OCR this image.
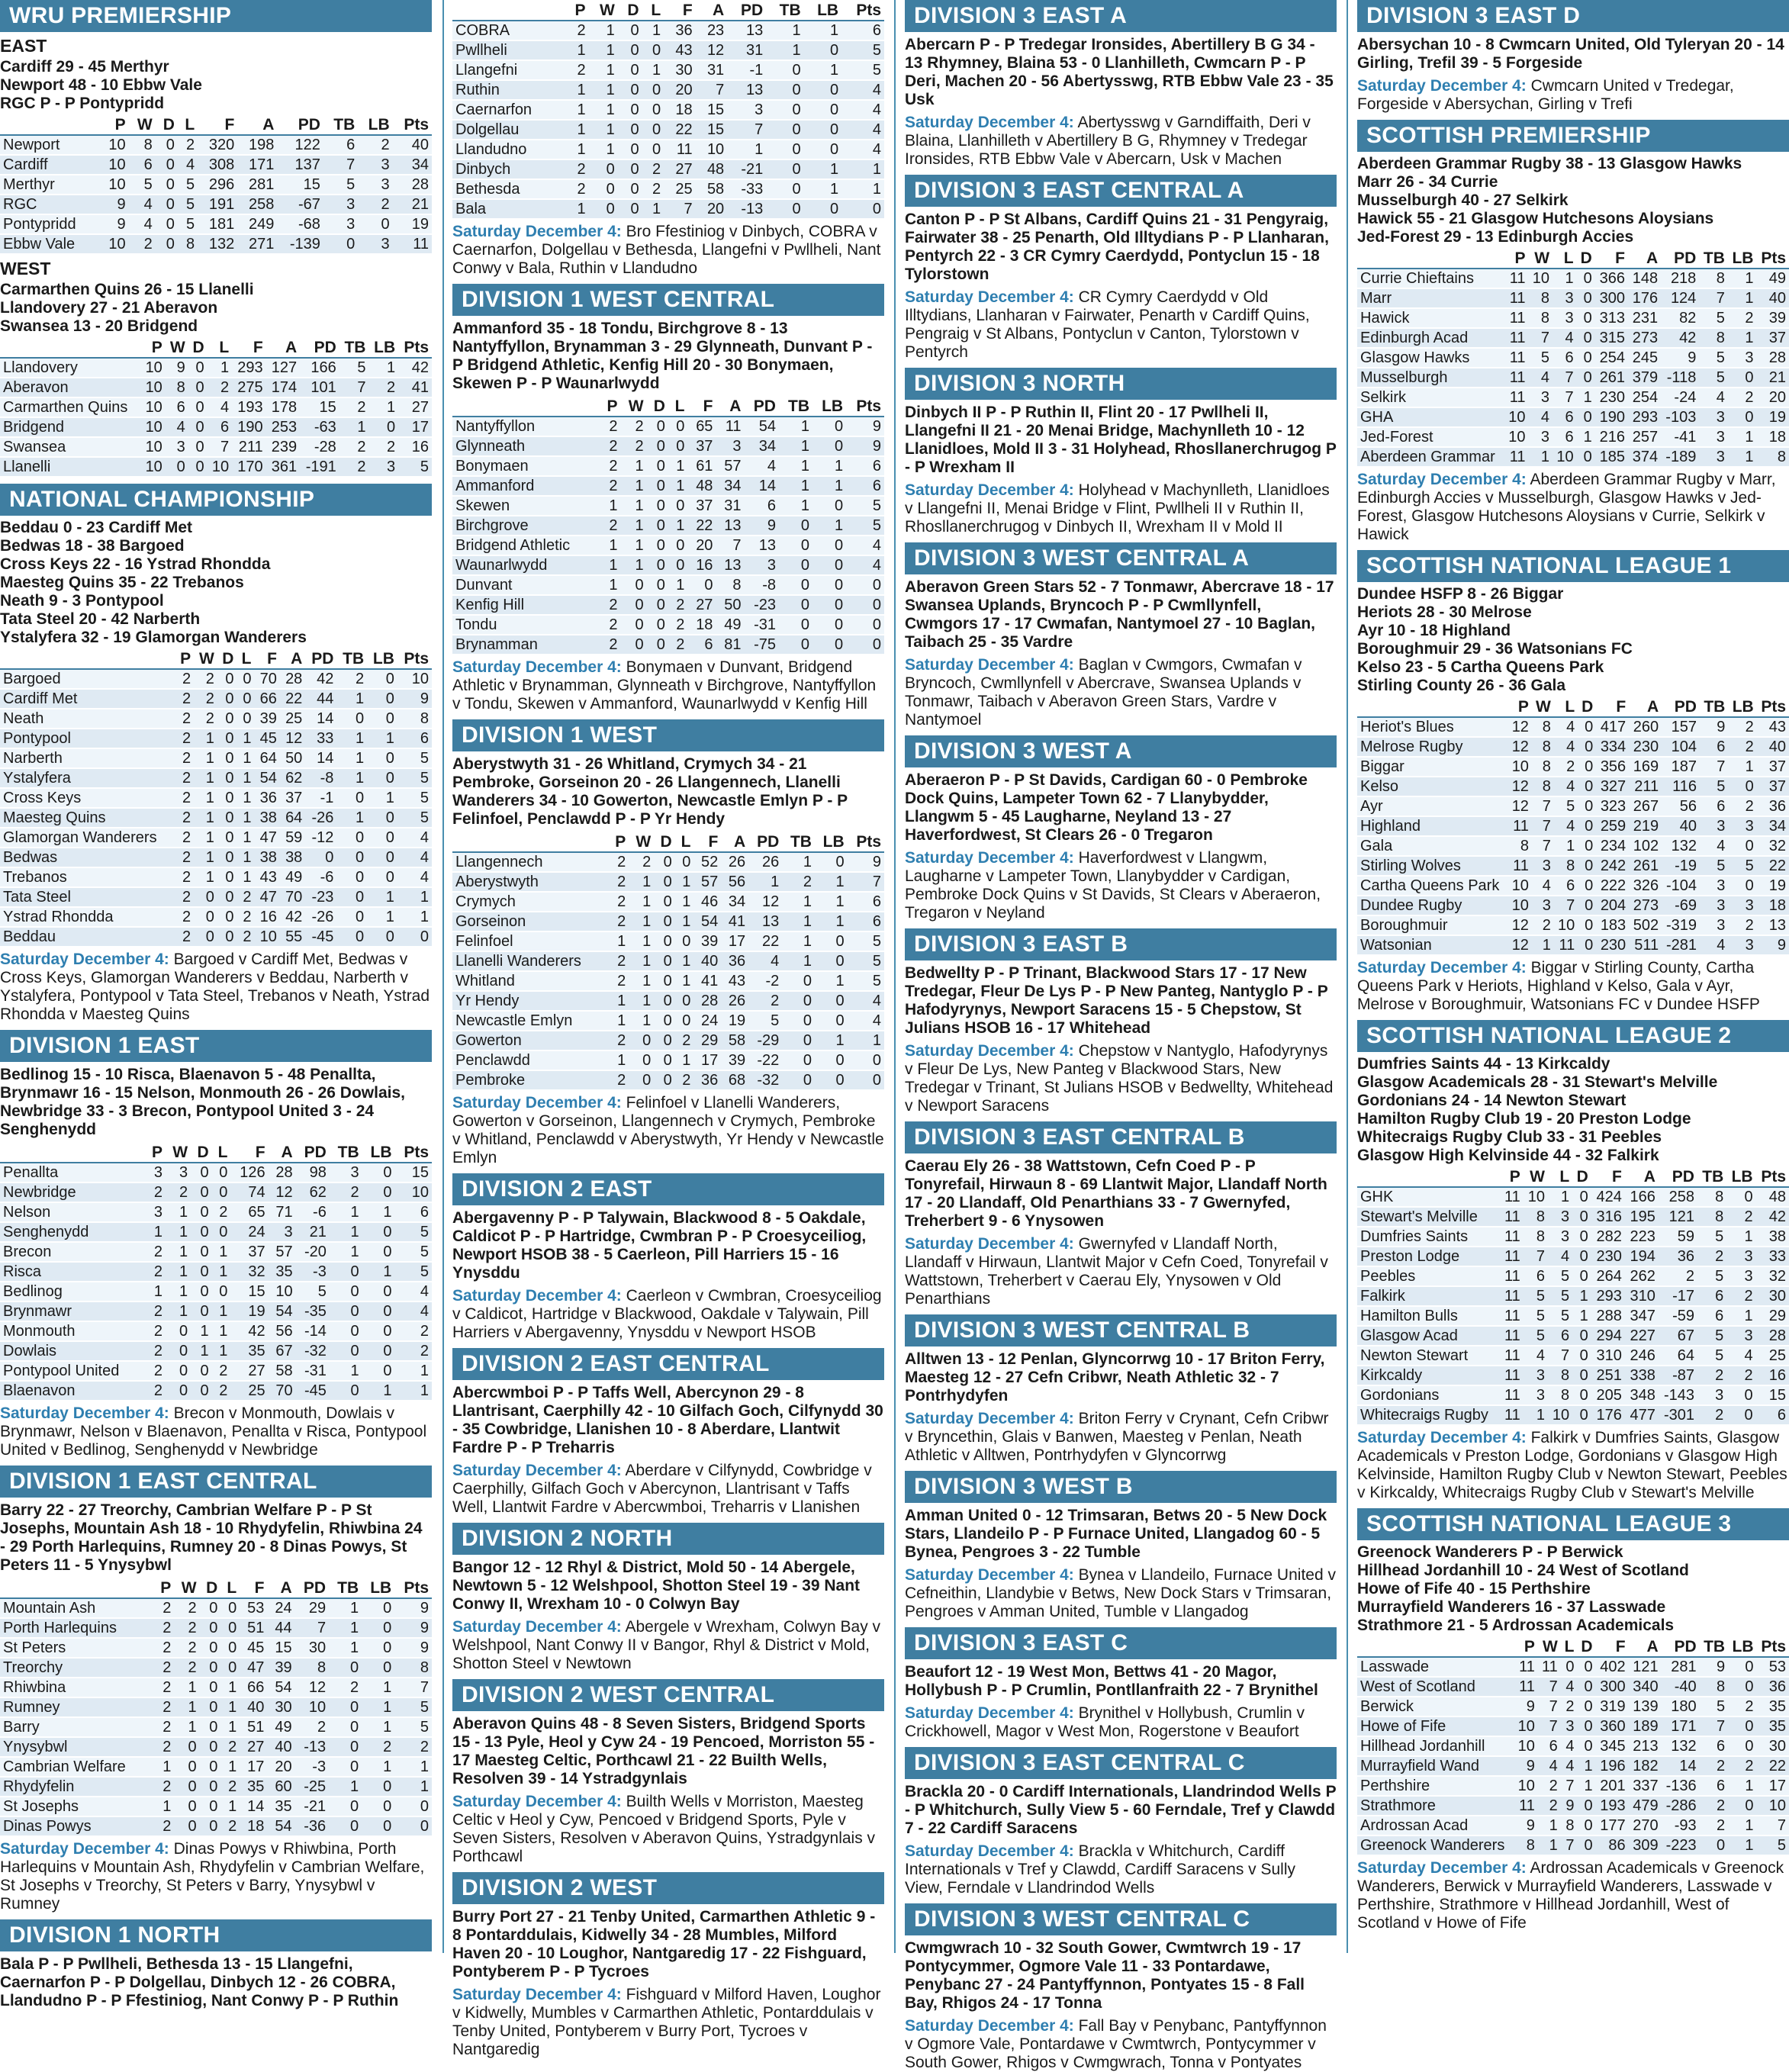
WRU PREMIERSHIP
EAST
Cardiff 29 - 45 Merthyr
Newport 48 - 10 Ebbw Vale
RGC P - P Pontypridd
	P	W	D	L	F	A	PD	TB	LB	Pts
Newport	10	8	0	2	320	198	122	6	2	40
Cardiff	10	6	0	4	308	171	137	7	3	34
Merthyr	10	5	0	5	296	281	15	5	3	28
RGC	9	4	0	5	191	258	-67	3	2	21
Pontypridd	9	4	0	5	181	249	-68	3	0	19
Ebbw Vale	10	2	0	8	132	271	-139	0	3	11
WEST
Carmarthen Quins 26 - 15 Llanelli
Llandovery 27 - 21 Aberavon
Swansea 13 - 20 Bridgend
	P	W	D	L	F	A	PD	TB	LB	Pts
Llandovery	10	9	0	1	293	127	166	5	1	42
Aberavon	10	8	0	2	275	174	101	7	2	41
Carmarthen Quins	10	6	0	4	193	178	15	2	1	27
Bridgend	10	4	0	6	190	253	-63	1	0	17
Swansea	10	3	0	7	211	239	-28	2	2	16
Llanelli	10	0	0	10	170	361	-191	2	3	5
NATIONAL CHAMPIONSHIP
Beddau 0 - 23 Cardiff Met
Bedwas 18 - 38 Bargoed
Cross Keys 22 - 16 Ystrad Rhondda
Maesteg Quins 35 - 22 Trebanos
Neath 9 - 3 Pontypool
Tata Steel 20 - 42 Narberth
Ystalyfera 32 - 19 Glamorgan Wanderers
	P	W	D	L	F	A	PD	TB	LB	Pts
Bargoed	2	2	0	0	70	28	42	2	0	10
Cardiff Met	2	2	0	0	66	22	44	1	0	9
Neath	2	2	0	0	39	25	14	0	0	8
Pontypool	2	1	0	1	45	12	33	1	1	6
Narberth	2	1	0	1	64	50	14	1	0	5
Ystalyfera	2	1	0	1	54	62	-8	1	0	5
Cross Keys	2	1	0	1	36	37	-1	0	1	5
Maesteg Quins	2	1	0	1	38	64	-26	1	0	5
Glamorgan Wanderers	2	1	0	1	47	59	-12	0	0	4
Bedwas	2	1	0	1	38	38	0	0	0	4
Trebanos	2	1	0	1	43	49	-6	0	0	4
Tata Steel	2	0	0	2	47	70	-23	0	1	1
Ystrad Rhondda	2	0	0	2	16	42	-26	0	1	1
Beddau	2	0	0	2	10	55	-45	0	0	0
Saturday December 4: Bargoed v Cardiff Met, Bedwas v Cross Keys, Glamorgan Wanderers v Beddau, Narberth v Ystalyfera, Pontypool v Tata Steel, Trebanos v Neath, Ystrad Rhondda v Maesteg Quins
DIVISION 1 EAST
Bedlinog 15 - 10 Risca, Blaenavon 5 - 48 Penallta, Brynmawr 16 - 15 Nelson, Monmouth 26 - 26 Dowlais, Newbridge 33 - 3 Brecon, Pontypool United 3 - 24 Senghenydd
	P	W	D	L	F	A	PD	TB	LB	Pts
Penallta	3	3	0	0	126	28	98	3	0	15
Newbridge	2	2	0	0	74	12	62	2	0	10
Nelson	3	1	0	2	65	71	-6	1	1	6
Senghenydd	1	1	0	0	24	3	21	1	0	5
Brecon	2	1	0	1	37	57	-20	1	0	5
Risca	2	1	0	1	32	35	-3	0	1	5
Bedlinog	1	1	0	0	15	10	5	0	0	4
Brynmawr	2	1	0	1	19	54	-35	0	0	4
Monmouth	2	0	1	1	42	56	-14	0	0	2
Dowlais	2	0	1	1	35	67	-32	0	0	2
Pontypool United	2	0	0	2	27	58	-31	1	0	1
Blaenavon	2	0	0	2	25	70	-45	0	1	1
Saturday December 4: Brecon v Monmouth, Dowlais v Brynmawr, Nelson v Blaenavon, Penallta v Risca, Pontypool United v Bedlinog, Senghenydd v Newbridge
DIVISION 1 EAST CENTRAL
Barry 22 - 27 Treorchy, Cambrian Welfare P - P St Josephs, Mountain Ash 18 - 10 Rhydyfelin, Rhiwbina 24 - 29 Porth Harlequins, Rumney 20 - 8 Dinas Powys, St Peters 11 - 5 Ynysybwl
	P	W	D	L	F	A	PD	TB	LB	Pts
Mountain Ash	2	2	0	0	53	24	29	1	0	9
Porth Harlequins	2	2	0	0	51	44	7	1	0	9
St Peters	2	2	0	0	45	15	30	1	0	9
Treorchy	2	2	0	0	47	39	8	0	0	8
Rhiwbina	2	1	0	1	66	54	12	2	1	7
Rumney	2	1	0	1	40	30	10	0	1	5
Barry	2	1	0	1	51	49	2	0	1	5
Ynysybwl	2	0	0	2	27	40	-13	0	2	2
Cambrian Welfare	1	0	0	1	17	20	-3	0	1	1
Rhydyfelin	2	0	0	2	35	60	-25	1	0	1
St Josephs	1	0	0	1	14	35	-21	0	0	0
Dinas Powys	2	0	0	2	18	54	-36	0	0	0
Saturday December 4: Dinas Powys v Rhiwbina, Porth Harlequins v Mountain Ash, Rhydyfelin v Cambrian Welfare, St Josephs v Treorchy, St Peters v Barry, Ynysybwl v Rumney
DIVISION 1 NORTH
Bala P - P Pwllheli, Bethesda 13 - 15 Llangefni, Caernarfon P - P Dolgellau, Dinbych 12 - 26 COBRA, Llandudno P - P Ffestiniog, Nant Conwy P - P Ruthin
	P	W	D	L	F	A	PD	TB	LB	Pts
COBRA	2	1	0	1	36	23	13	1	1	6
Pwllheli	1	1	0	0	43	12	31	1	0	5
Llangefni	2	1	0	1	30	31	-1	0	1	5
Ruthin	1	1	0	0	20	7	13	0	0	4
Caernarfon	1	1	0	0	18	15	3	0	0	4
Dolgellau	1	1	0	0	22	15	7	0	0	4
Llandudno	1	1	0	0	11	10	1	0	0	4
Dinbych	2	0	0	2	27	48	-21	0	1	1
Bethesda	2	0	0	2	25	58	-33	0	1	1
Bala	1	0	0	1	7	20	-13	0	0	0
Saturday December 4: Bro Ffestiniog v Dinbych, COBRA v Caernarfon, Dolgellau v Bethesda, Llangefni v Pwllheli, Nant Conwy v Bala, Ruthin v Llandudno
DIVISION 1 WEST CENTRAL
Ammanford 35 - 18 Tondu, Birchgrove 8 - 13 Nantyffyllon, Brynamman 3 - 29 Glynneath, Dunvant P - P Bridgend Athletic, Kenfig Hill 20 - 30 Bonymaen, Skewen P - P Waunarlwydd
	P	W	D	L	F	A	PD	TB	LB	Pts
Nantyffyllon	2	2	0	0	65	11	54	1	0	9
Glynneath	2	2	0	0	37	3	34	1	0	9
Bonymaen	2	1	0	1	61	57	4	1	1	6
Ammanford	2	1	0	1	48	34	14	1	1	6
Skewen	1	1	0	0	37	31	6	1	0	5
Birchgrove	2	1	0	1	22	13	9	0	1	5
Bridgend Athletic	1	1	0	0	20	7	13	0	0	4
Waunarlwydd	1	1	0	0	16	13	3	0	0	4
Dunvant	1	0	0	1	0	8	-8	0	0	0
Kenfig Hill	2	0	0	2	27	50	-23	0	0	0
Tondu	2	0	0	2	18	49	-31	0	0	0
Brynamman	2	0	0	2	6	81	-75	0	0	0
Saturday December 4: Bonymaen v Dunvant, Bridgend Athletic v Brynamman, Glynneath v Birchgrove, Nantyffyllon v Tondu, Skewen v Ammanford, Waunarlwydd v Kenfig Hill
DIVISION 1 WEST
Aberystwyth 31 - 26 Whitland, Crymych 34 - 21 Pembroke, Gorseinon 20 - 26 Llangennech, Llanelli Wanderers 34 - 10 Gowerton, Newcastle Emlyn P - P Felinfoel, Penclawdd P - P Yr Hendy
	P	W	D	L	F	A	PD	TB	LB	Pts
Llangennech	2	2	0	0	52	26	26	1	0	9
Aberystwyth	2	1	0	1	57	56	1	2	1	7
Crymych	2	1	0	1	46	34	12	1	1	6
Gorseinon	2	1	0	1	54	41	13	1	1	6
Felinfoel	1	1	0	0	39	17	22	1	0	5
Llanelli Wanderers	2	1	0	1	40	36	4	1	0	5
Whitland	2	1	0	1	41	43	-2	0	1	5
Yr Hendy	1	1	0	0	28	26	2	0	0	4
Newcastle Emlyn	1	1	0	0	24	19	5	0	0	4
Gowerton	2	0	0	2	29	58	-29	0	1	1
Penclawdd	1	0	0	1	17	39	-22	0	0	0
Pembroke	2	0	0	2	36	68	-32	0	0	0
Saturday December 4: Felinfoel v Llanelli Wanderers, Gowerton v Gorseinon, Llangennech v Crymych, Pembroke v Whitland, Penclawdd v Aberystwyth, Yr Hendy v Newcastle Emlyn
DIVISION 2 EAST
Abergavenny P - P Talywain, Blackwood 8 - 5 Oakdale, Caldicot P - P Hartridge, Cwmbran P - P Croesyceiliog, Newport HSOB 38 - 5 Caerleon, Pill Harriers 15 - 16 Ynysddu
Saturday December 4: Caerleon v Cwmbran, Croesyceiliog v Caldicot, Hartridge v Blackwood, Oakdale v Talywain, Pill Harriers v Abergavenny, Ynysddu v Newport HSOB
DIVISION 2 EAST CENTRAL
Abercwmboi P - P Taffs Well, Abercynon 29 - 8 Llantrisant, Caerphilly 42 - 10 Gilfach Goch, Cilfynydd 30 - 35 Cowbridge, Llanishen 10 - 8 Aberdare, Llantwit Fardre P - P Treharris
Saturday December 4: Aberdare v Cilfynydd, Cowbridge v Caerphilly, Gilfach Goch v Abercynon, Llantrisant v Taffs Well, Llantwit Fardre v Abercwmboi, Treharris v Llanishen
DIVISION 2 NORTH
Bangor 12 - 12 Rhyl & District, Mold 50 - 14 Abergele, Newtown 5 - 12 Welshpool, Shotton Steel 19 - 39 Nant Conwy II, Wrexham 10 - 0 Colwyn Bay
Saturday December 4: Abergele v Wrexham, Colwyn Bay v Welshpool, Nant Conwy II v Bangor, Rhyl & District v Mold, Shotton Steel v Newtown
DIVISION 2 WEST CENTRAL
Aberavon Quins 48 - 8 Seven Sisters, Bridgend Sports 15 - 13 Pyle, Heol y Cyw 24 - 19 Pencoed, Morriston 55 - 17 Maesteg Celtic, Porthcawl 21 - 22 Builth Wells, Resolven 39 - 14 Ystradgynlais
Saturday December 4: Builth Wells v Morriston, Maesteg Celtic v Heol y Cyw, Pencoed v Bridgend Sports, Pyle v Seven Sisters, Resolven v Aberavon Quins, Ystradgynlais v Porthcawl
DIVISION 2 WEST
Burry Port 27 - 21 Tenby United, Carmarthen Athletic 9 - 8 Pontarddulais, Kidwelly 34 - 28 Mumbles, Milford Haven 20 - 10 Loughor, Nantgaredig 17 - 22 Fishguard, Pontyberem P - P Tycroes
Saturday December 4: Fishguard v Milford Haven, Loughor v Kidwelly, Mumbles v Carmarthen Athletic, Pontarddulais v Tenby United, Pontyberem v Burry Port, Tycroes v Nantgaredig
DIVISION 3 EAST A
Abercarn P - P Tredegar Ironsides, Abertillery B G 34 - 13 Rhymney, Blaina 53 - 0 Llanhilleth, Cwmcarn P - P Deri, Machen 20 - 56 Abertysswg, RTB Ebbw Vale 23 - 35 Usk
Saturday December 4: Abertysswg v Garndiffaith, Deri v Blaina, Llanhilleth v Abertillery B G, Rhymney v Tredegar Ironsides, RTB Ebbw Vale v Abercarn, Usk v Machen
DIVISION 3 EAST CENTRAL A
Canton P - P St Albans, Cardiff Quins 21 - 31 Pengyraig, Fairwater 38 - 25 Penarth, Old Illtydians P - P Llanharan, Pentyrch 22 - 3 CR Cymry Caerdydd, Pontyclun 15 - 18 Tylorstown
Saturday December 4: CR Cymry Caerdydd v Old Illtydians, Llanharan v Fairwater, Penarth v Cardiff Quins, Pengraig v St Albans, Pontyclun v Canton, Tylorstown v Pentyrch
DIVISION 3 NORTH
Dinbych II P - P Ruthin II, Flint 20 - 17 Pwllheli II, Llangefni II 21 - 20 Menai Bridge, Machynlleth 10 - 12 Llanidloes, Mold II 3 - 31 Holyhead, Rhosllanerchrugog P - P Wrexham II
Saturday December 4: Holyhead v Machynlleth, Llanidloes v Llangefni II, Menai Bridge v Flint, Pwllheli II v Ruthin II, Rhosllanerchrugog v Dinbych II, Wrexham II v Mold II
DIVISION 3 WEST CENTRAL A
Aberavon Green Stars 52 - 7 Tonmawr, Abercrave 18 - 17 Swansea Uplands, Bryncoch P - P Cwmllynfell, Cwmgors 17 - 17 Cwmafan, Nantymoel 27 - 10 Baglan, Taibach 25 - 35 Vardre
Saturday December 4: Baglan v Cwmgors, Cwmafan v Bryncoch, Cwmllynfell v Abercrave, Swansea Uplands v Tonmawr, Taibach v Aberavon Green Stars, Vardre v Nantymoel
DIVISION 3 WEST A
Aberaeron P - P St Davids, Cardigan 60 - 0 Pembroke Dock Quins, Lampeter Town 62 - 7 Llanybydder, Llangwm 5 - 45 Laugharne, Neyland 13 - 27 Haverfordwest, St Clears 26 - 0 Tregaron
Saturday December 4: Haverfordwest v Llangwm, Laugharne v Lampeter Town, Llanybydder v Cardigan, Pembroke Dock Quins v St Davids, St Clears v Aberaeron, Tregaron v Neyland
DIVISION 3 EAST B
Bedwellty P - P Trinant, Blackwood Stars 17 - 17 New Tredegar, Fleur De Lys P - P New Panteg, Nantyglo P - P Hafodyrynys, Newport Saracens 15 - 5 Chepstow, St Julians HSOB 16 - 17 Whitehead
Saturday December 4: Chepstow v Nantyglo, Hafodyrynys v Fleur De Lys, New Panteg v Blackwood Stars, New Tredegar v Trinant, St Julians HSOB v Bedwellty, Whitehead v Newport Saracens
DIVISION 3 EAST CENTRAL B
Caerau Ely 26 - 38 Wattstown, Cefn Coed P - P Tonyrefail, Hirwaun 8 - 69 Llantwit Major, Llandaff North 17 - 20 Llandaff, Old Penarthians 33 - 7 Gwernyfed, Treherbert 9 - 6 Ynysowen
Saturday December 4: Gwernyfed v Llandaff North, Llandaff v Hirwaun, Llantwit Major v Cefn Coed, Tonyrefail v Wattstown, Treherbert v Caerau Ely, Ynysowen v Old Penarthians
DIVISION 3 WEST CENTRAL B
Alltwen 13 - 12 Penlan, Glyncorrwg 10 - 17 Briton Ferry, Maesteg 12 - 27 Cefn Cribwr, Neath Athletic 32 - 7 Pontrhydyfen
Saturday December 4: Briton Ferry v Crynant, Cefn Cribwr v Bryncethin, Glais v Banwen, Maesteg v Penlan, Neath Athletic v Alltwen, Pontrhydyfen v Glyncorrwg
DIVISION 3 WEST B
Amman United 0 - 12 Trimsaran, Betws 20 - 5 New Dock Stars, Llandeilo P - P Furnace United, Llangadog 60 - 5 Bynea, Pengroes 3 - 22 Tumble
Saturday December 4: Bynea v Llandeilo, Furnace United v Cefneithin, Llandybie v Betws, New Dock Stars v Trimsaran, Pengroes v Amman United, Tumble v Llangadog
DIVISION 3 EAST C
Beaufort 12 - 19 West Mon, Bettws 41 - 20 Magor, Hollybush P - P Crumlin, Pontllanfraith 22 - 7 Brynithel
Saturday December 4: Brynithel v Hollybush, Crumlin v Crickhowell, Magor v West Mon, Rogerstone v Beaufort
DIVISION 3 EAST CENTRAL C
Brackla 20 - 0 Cardiff Internationals, Llandrindod Wells P - P Whitchurch, Sully View 5 - 60 Ferndale, Tref y Clawdd 7 - 22 Cardiff Saracens
Saturday December 4: Brackla v Whitchurch, Cardiff Internationals v Tref y Clawdd, Cardiff Saracens v Sully View, Ferndale v Llandrindod Wells
DIVISION 3 WEST CENTRAL C
Cwmgwrach 10 - 32 South Gower, Cwmtwrch 19 - 17 Pontycymmer, Ogmore Vale 11 - 33 Pontardawe, Penybanc 27 - 24 Pantyffynnon, Pontyates 15 - 8 Fall Bay, Rhigos 24 - 17 Tonna
Saturday December 4: Fall Bay v Penybanc, Pantyffynnon v Ogmore Vale, Pontardawe v Cwmtwrch, Pontycymmer v South Gower, Rhigos v Cwmgwrach, Tonna v Pontyates
DIVISION 3 EAST D
Abersychan 10 - 8 Cwmcarn United, Old Tyleryan 20 - 14 Girling, Trefil 39 - 5 Forgeside
Saturday December 4: Cwmcarn United v Tredegar, Forgeside v Abersychan, Girling v Trefi
SCOTTISH PREMIERSHIP
Aberdeen Grammar Rugby 38 - 13 Glasgow Hawks
Marr 26 - 34 Currie
Musselburgh 40 - 27 Selkirk
Hawick 55 - 21 Glasgow Hutchesons Aloysians
Jed-Forest 29 - 13 Edinburgh Accies
	P	W	L	D	F	A	PD	TB	LB	Pts
Currie Chieftains	11	10	1	0	366	148	218	8	1	49
Marr	11	8	3	0	300	176	124	7	1	40
Hawick	11	8	3	0	313	231	82	5	2	39
Edinburgh Acad	11	7	4	0	315	273	42	8	1	37
Glasgow Hawks	11	5	6	0	254	245	9	5	3	28
Musselburgh	11	4	7	0	261	379	-118	5	0	21
Selkirk	11	3	7	1	230	254	-24	4	2	20
GHA	10	4	6	0	190	293	-103	3	0	19
Jed-Forest	10	3	6	1	216	257	-41	3	1	18
Aberdeen Grammar	11	1	10	0	185	374	-189	3	1	8
Saturday December 4: Aberdeen Grammar Rugby v Marr, Edinburgh Accies v Musselburgh, Glasgow Hawks v Jed-Forest, Glasgow Hutchesons Aloysians v Currie, Selkirk v Hawick
SCOTTISH NATIONAL LEAGUE 1
Dundee HSFP 8 - 26 Biggar
Heriots 28 - 30 Melrose
Ayr 10 - 18 Highland
Boroughmuir 29 - 36 Watsonians FC
Kelso 23 - 5 Cartha Queens Park
Stirling County 26 - 36 Gala
	P	W	L	D	F	A	PD	TB	LB	Pts
Heriot's Blues	12	8	4	0	417	260	157	9	2	43
Melrose Rugby	12	8	4	0	334	230	104	6	2	40
Biggar	10	8	2	0	356	169	187	7	1	37
Kelso	12	8	4	0	327	211	116	5	0	37
Ayr	12	7	5	0	323	267	56	6	2	36
Highland	11	7	4	0	259	219	40	3	3	34
Gala	8	7	1	0	234	102	132	4	0	32
Stirling Wolves	11	3	8	0	242	261	-19	5	5	22
Cartha Queens Park	10	4	6	0	222	326	-104	3	0	19
Dundee Rugby	10	3	7	0	204	273	-69	3	3	18
Boroughmuir	12	2	10	0	183	502	-319	3	2	13
Watsonian	12	1	11	0	230	511	-281	4	3	9
Saturday December 4: Biggar v Stirling County, Cartha Queens Park v Heriots, Highland v Kelso, Gala v Ayr, Melrose v Boroughmuir, Watsonians FC v Dundee HSFP
SCOTTISH NATIONAL LEAGUE 2
Dumfries Saints 44 - 13 Kirkcaldy
Glasgow Academicals 28 - 31 Stewart's Melville
Gordonians 24 - 14 Newton Stewart
Hamilton Rugby Club 19 - 20 Preston Lodge
Whitecraigs Rugby Club 33 - 31 Peebles
Glasgow High Kelvinside 44 - 32 Falkirk
	P	W	L	D	F	A	PD	TB	LB	Pts
GHK	11	10	1	0	424	166	258	8	0	48
Stewart's Melville	11	8	3	0	316	195	121	8	2	42
Dumfries Saints	11	8	3	0	282	223	59	5	1	38
Preston Lodge	11	7	4	0	230	194	36	2	3	33
Peebles	11	6	5	0	264	262	2	5	3	32
Falkirk	11	5	5	1	293	310	-17	6	2	30
Hamilton Bulls	11	5	5	1	288	347	-59	6	1	29
Glasgow Acad	11	5	6	0	294	227	67	5	3	28
Newton Stewart	11	4	7	0	310	246	64	5	4	25
Kirkcaldy	11	3	8	0	251	338	-87	2	2	16
Gordonians	11	3	8	0	205	348	-143	3	0	15
Whitecraigs Rugby	11	1	10	0	176	477	-301	2	0	6
Saturday December 4: Falkirk v Dumfries Saints, Glasgow Academicals v Preston Lodge, Gordonians v Glasgow High Kelvinside, Hamilton Rugby Club v Newton Stewart, Peebles v Kirkcaldy, Whitecraigs Rugby Club v Stewart's Melville
SCOTTISH NATIONAL LEAGUE 3
Greenock Wanderers P - P Berwick
Hillhead Jordanhill 10 - 24 West of Scotland
Howe of Fife 40 - 15 Perthshire
Murrayfield Wanderers 16 - 37 Lasswade
Strathmore 21 - 5 Ardrossan Academicals
	P	W	L	D	F	A	PD	TB	LB	Pts
Lasswade	11	11	0	0	402	121	281	9	0	53
West of Scotland	11	7	4	0	300	340	-40	8	0	36
Berwick	9	7	2	0	319	139	180	5	2	35
Howe of Fife	10	7	3	0	360	189	171	7	0	35
Hillhead Jordanhill	10	6	4	0	345	213	132	6	0	30
Murrayfield Wand	9	4	4	1	196	182	14	2	2	22
Perthshire	10	2	7	1	201	337	-136	6	1	17
Strathmore	11	2	9	0	193	479	-286	2	0	10
Ardrossan Acad	9	1	8	0	177	270	-93	2	1	7
Greenock Wanderers	8	1	7	0	86	309	-223	0	1	5
Saturday December 4: Ardrossan Academicals v Greenock Wanderers, Berwick v Murrayfield Wanderers, Lasswade v Perthshire, Strathmore v Hillhead Jordanhill, West of Scotland v Howe of Fife
